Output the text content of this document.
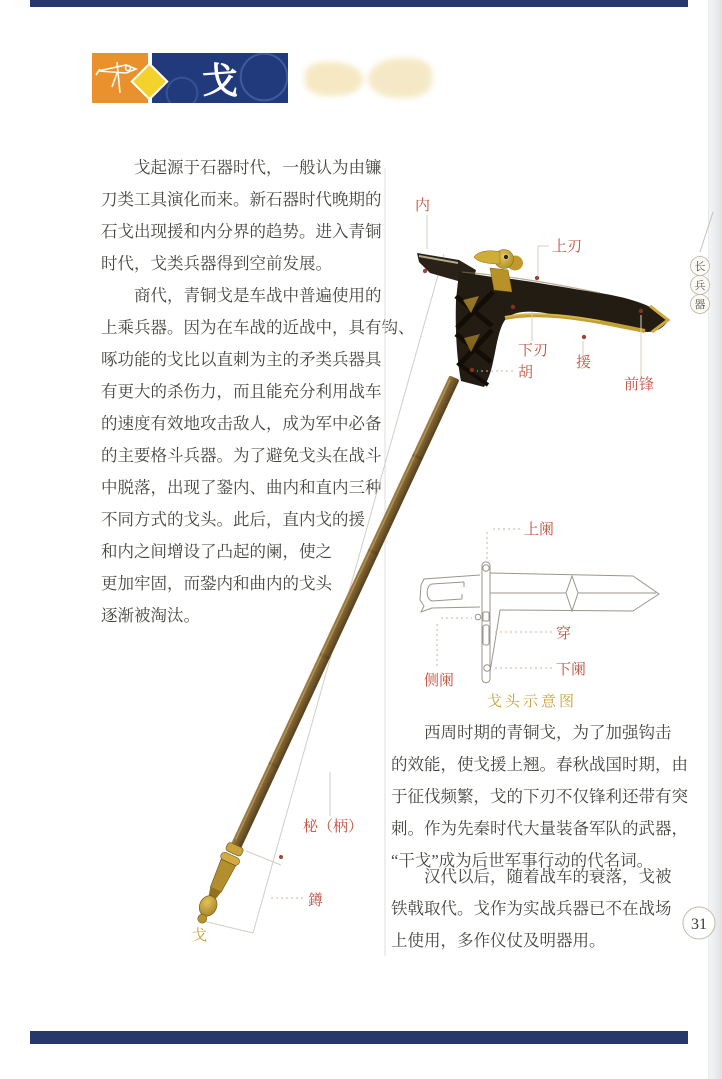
戈
　　戈起源于石器时代，一般认为由镰
刀类工具演化而来。新石器时代晚期的
石戈出现援和内分界的趋势。进入青铜
时代，戈类兵器得到空前发展。
　　商代，青铜戈是车战中普遍使用的
上乘兵器。因为在车战的近战中，具有钩、
啄功能的戈比以直刺为主的矛类兵器具
有更大的杀伤力，而且能充分利用战车
的速度有效地攻击敌人，成为军中必备
的主要格斗兵器。为了避免戈头在战斗
中脱落，出现了銎内、曲内和直内三种
不同方式的戈头。此后，直内戈的援
和内之间增设了凸起的阑，使之
更加牢固，而銎内和曲内的戈头
逐渐被淘汰。
　　西周时期的青铜戈，为了加强钩击
的效能，使戈援上翘。春秋战国时期，由
于征伐频繁，戈的下刃不仅锋利还带有突
刺。作为先秦时代大量装备军队的武器，
“干戈”成为后世军事行动的代名词。
　　汉代以后，随着战车的衰落，戈被
铁戟取代。戈作为实战兵器已不在战场
上使用，多作仪仗及明器用。
内
上刃
下刃
胡
援
前锋
柲（柄）
鐏
戈
上阑
穿
下阑
侧阑
戈头示意图
长
兵
器
31
